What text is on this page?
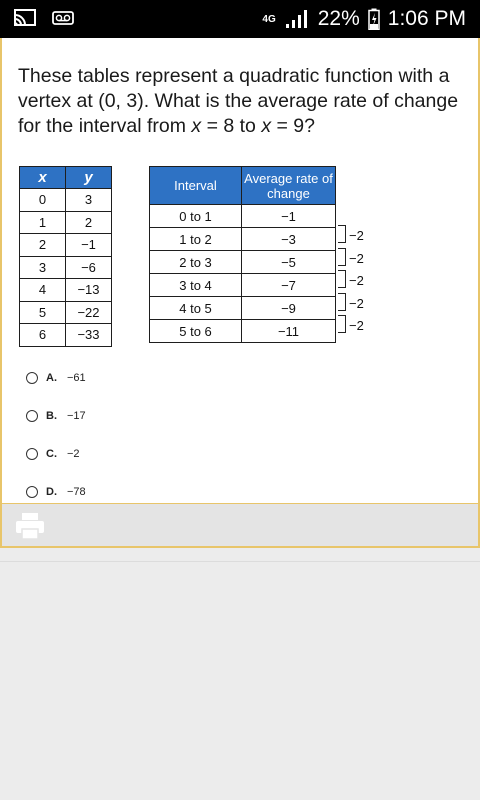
4G 22% 1:06 PM

These tables represent a quadratic function with a vertex at (0, 3). What is the average rate of change for the interval from x = 8 to x = 9?

x	y
0	3
1	2
2	−1
3	−6
4	−13
5	−22
6	−33
Interval	Average rate of change
0 to 1	−1
1 to 2	−3
2 to 3	−5
3 to 4	−7
4 to 5	−9
5 to 6	−11
−2
−2
−2
−2
−2
A. −61
B. −17
C. −2
D. −78
